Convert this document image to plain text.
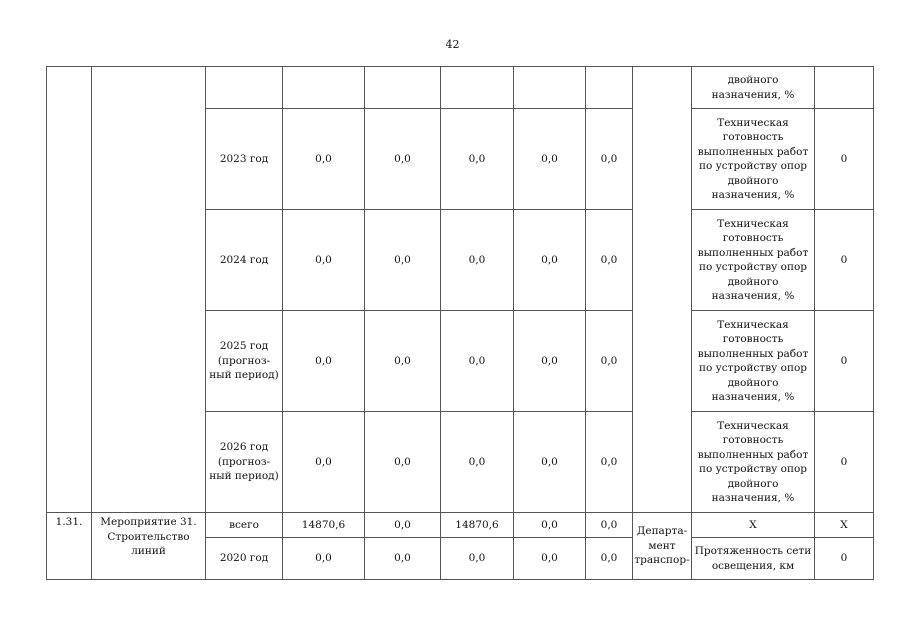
42
									двойного назначения, %	
		2023 год	0,0	0,0	0,0	0,0	0,0		Техническая готовность выполненных работ по устройству опор двойного назначения, %	0
		2024 год	0,0	0,0	0,0	0,0	0,0		Техническая готовность выполненных работ по устройству опор двойного назначения, %	0
		2025 год (прогноз-ный период)	0,0	0,0	0,0	0,0	0,0		Техническая готовность выполненных работ по устройству опор двойного назначения, %	0
		2026 год (прогноз-ный период)	0,0	0,0	0,0	0,0	0,0		Техническая готовность выполненных работ по устройству опор двойного назначения, %	0
1.31.	Мероприятие 31. Строительство линий	всего	14870,6	0,0	14870,6	0,0	0,0	Департа-мент транспор-	Х	Х
		2020 год	0,0	0,0	0,0	0,0	0,0		Протяженность сети освещения, км	0
